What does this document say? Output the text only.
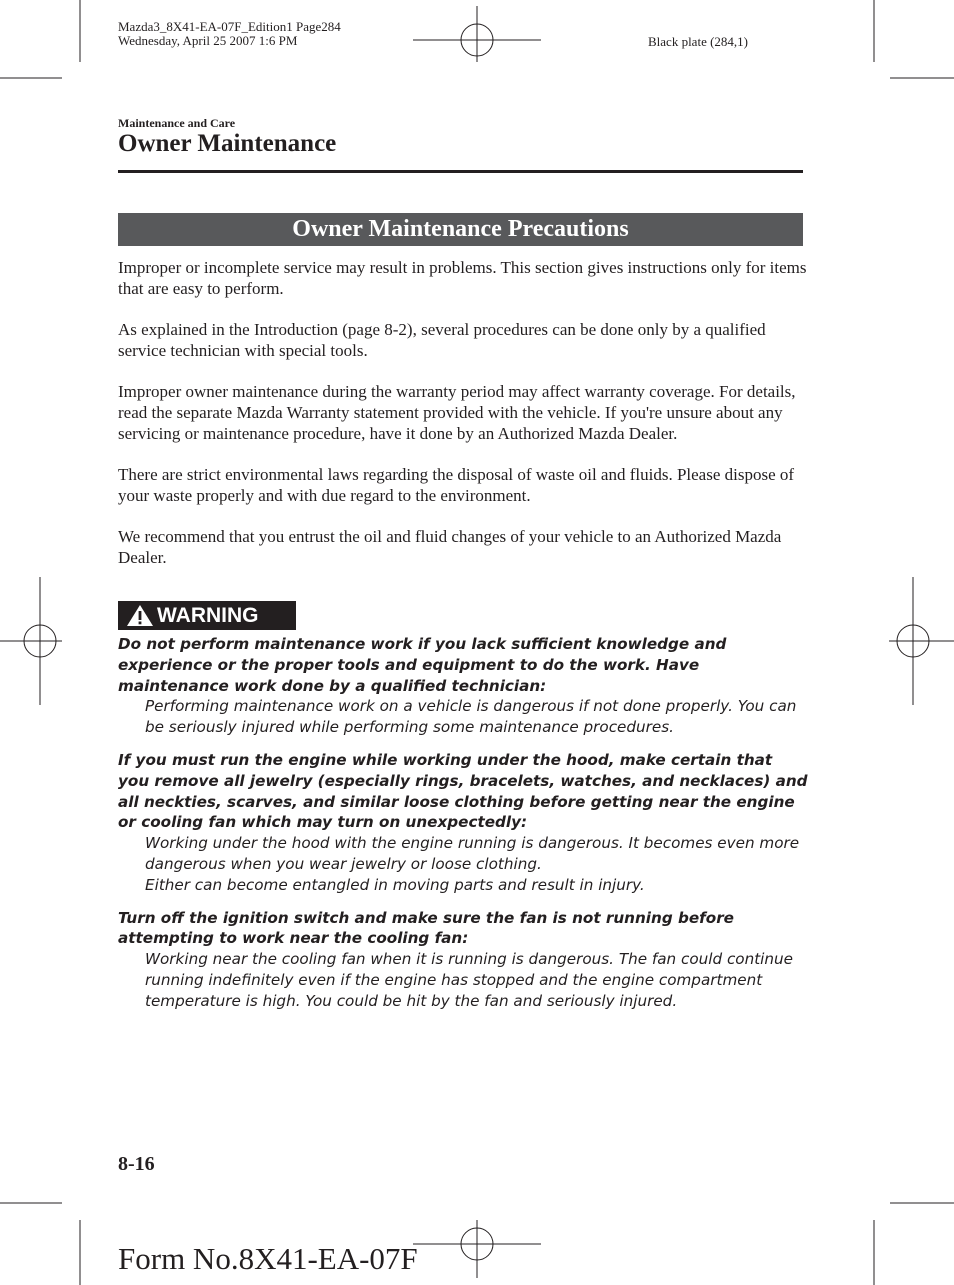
Mazda3_8X41-EA-07F_Edition1 Page284
Wednesday, April 25 2007 1:6 PM	Black plate (284,1)
Maintenance and Care
Owner Maintenance
Owner Maintenance Precautions

Improper or incomplete service may result in problems. This section gives instructions only for items that are easy to perform.

As explained in the Introduction (page 8-2), several procedures can be done only by a qualified service technician with special tools.

Improper owner maintenance during the warranty period may affect warranty coverage. For details, read the separate Mazda Warranty statement provided with the vehicle. If you're unsure about any servicing or maintenance procedure, have it done by an Authorized Mazda Dealer.

There are strict environmental laws regarding the disposal of waste oil and fluids. Please dispose of your waste properly and with due regard to the environment.

We recommend that you entrust the oil and fluid changes of your vehicle to an Authorized Mazda Dealer.

WARNING
Do not perform maintenance work if you lack sufficient knowledge and experience or the proper tools and equipment to do the work. Have maintenance work done by a qualified technician:
Performing maintenance work on a vehicle is dangerous if not done properly. You can be seriously injured while performing some maintenance procedures.
If you must run the engine while working under the hood, make certain that you remove all jewelry (especially rings, bracelets, watches, and necklaces) and all neckties, scarves, and similar loose clothing before getting near the engine or cooling fan which may turn on unexpectedly:
Working under the hood with the engine running is dangerous. It becomes even more dangerous when you wear jewelry or loose clothing.
Either can become entangled in moving parts and result in injury.
Turn off the ignition switch and make sure the fan is not running before attempting to work near the cooling fan:
Working near the cooling fan when it is running is dangerous. The fan could continue running indefinitely even if the engine has stopped and the engine compartment temperature is high. You could be hit by the fan and seriously injured.
8-16
Form No.8X41-EA-07F
